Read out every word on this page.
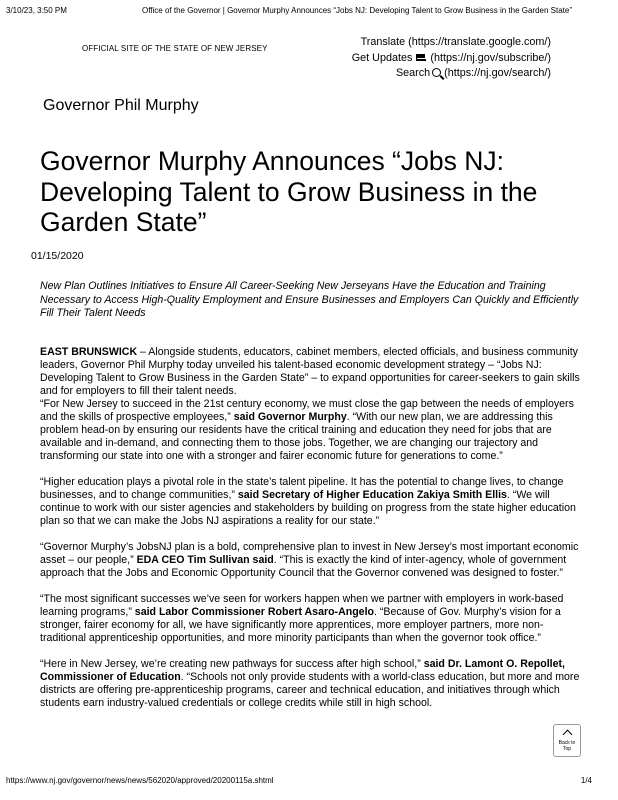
3/10/23, 3:50 PM	Office of the Governor | Governor Murphy Announces “Jobs NJ: Developing Talent to Grow Business in the Garden State”
OFFICIAL SITE OF THE STATE OF NEW JERSEY
Translate (https://translate.google.com/)
Get Updates (https://nj.gov/subscribe/)
Search (https://nj.gov/search/)
Governor Phil Murphy
Governor Murphy Announces “Jobs NJ: Developing Talent to Grow Business in the Garden State”
01/15/2020
New Plan Outlines Initiatives to Ensure All Career-Seeking New Jerseyans Have the Education and Training Necessary to Access High-Quality Employment and Ensure Businesses and Employers Can Quickly and Efficiently Fill Their Talent Needs

EAST BRUNSWICK – Alongside students, educators, cabinet members, elected officials, and business community leaders, Governor Phil Murphy today unveiled his talent-based economic development strategy – “Jobs NJ: Developing Talent to Grow Business in the Garden State” – to expand opportunities for career-seekers to gain skills and for employers to fill their talent needs.

“For New Jersey to succeed in the 21st century economy, we must close the gap between the needs of employers and the skills of prospective employees,” said Governor Murphy. “With our new plan, we are addressing this problem head-on by ensuring our residents have the critical training and education they need for jobs that are available and in-demand, and connecting them to those jobs. Together, we are changing our trajectory and transforming our state into one with a stronger and fairer economic future for generations to come.”

“Higher education plays a pivotal role in the state’s talent pipeline. It has the potential to change lives, to change businesses, and to change communities,” said Secretary of Higher Education Zakiya Smith Ellis. “We will continue to work with our sister agencies and stakeholders by building on progress from the state higher education plan so that we can make the Jobs NJ aspirations a reality for our state.”

“Governor Murphy’s JobsNJ plan is a bold, comprehensive plan to invest in New Jersey’s most important economic asset – our people,” EDA CEO Tim Sullivan said. “This is exactly the kind of inter-agency, whole of government approach that the Jobs and Economic Opportunity Council that the Governor convened was designed to foster.”

“The most significant successes we’ve seen for workers happen when we partner with employers in work-based learning programs,” said Labor Commissioner Robert Asaro-Angelo. “Because of Gov. Murphy’s vision for a stronger, fairer economy for all, we have significantly more apprentices, more employer partners, more non-traditional apprenticeship opportunities, and more minority participants than when the governor took office.”

“Here in New Jersey, we’re creating new pathways for success after high school,” said Dr. Lamont O. Repollet, Commissioner of Education. “Schools not only provide students with a world-class education, but more and more districts are offering pre-apprenticeship programs, career and technical education, and initiatives through which students earn industry-valued credentials or college credits while still in high school.

Back to Top
https://www.nj.gov/governor/news/news/562020/approved/20200115a.shtml	1/4
